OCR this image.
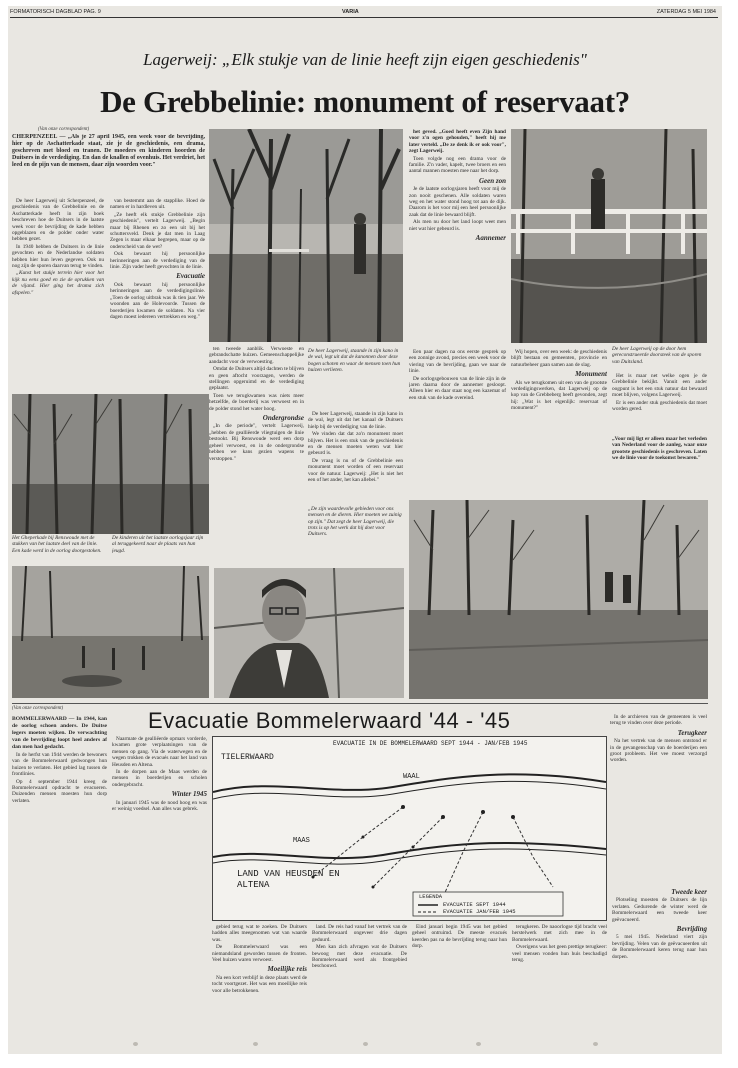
FORMATORISCH DAGBLAD PAG. 9	VARIA	ZATERDAG 5 MEI 1984
Lagerweij: „Elk stukje van de linie heeft zijn eigen geschiedenis"
De Grebbelinie: monument of reservaat?
(Van onze correspondent)
CHERPENZEEL — „Als je 27 april 1945, een week voor de bevrijding, hier op de Aschatterkade staat, zie je de geschiedenis, een drama, geschreven met bloed en tranen. De moeders en kinderen hoorden de Duitsers in de verdediging. En dan de knallen of ovenhuis. Het verdriet, het leed en de pijn van de mensen, daar zijn woorden voor."

De heer Lagerweij uit Scherpenzeel, de geschiedenis van de Grebbelinie en de Aschatterkade heeft in zijn boek beschreven hoe de Duitsers in de laatste week voor de bevrijding de kade hebben opgeblazen en de polder onder water hebben gezet.

In 1940 hebben de Duitsers in de linie gevochten en de Nederlandse soldaten hebben hier hun leven gegeven. Ook nu nog zijn de sporen daarvan terug te vinden.

„Kunst het stukje terrein hier voor het kijk nu eens goed en zie de oprukken van de vijand. Hier ging het drama zich afspelen."

van bestemmt aan de stapplike. Hoed de namen er in hardleven uit.

„Ze heeft elk stukje Grebbelinie zijn geschiedenis", vertelt Lagerweij. „Begin maar bij Rhenen en zo een uit bij het schuttersveld. Denk je dat men in Laag Zegen is maar elkaar begrepen, maar op de onderscheid van de wet?

Ook bewaart hij persoonlijke herinneringen aan de verdediging van de linie. Zijn vader heeft gevochten in de linie.

Evacuatie

Ook bewaart hij persoonlijke herinneringen aan de verdedigingslinie. „Toen de oorlog uitbrak was ik tien jaar. We woonden aan de Holevoorde. Tussen de boerderijen kwamen de soldaten. Na vier dagen moest iedereen vertrekken en weg."

ten tweede aanblik. Verwoeste en gebrandschatte huizen. Gemeenschappelijke aandacht voor de verwoesting.

Omdat de Duitsers altijd dachten te blijven en geen aftocht voorzagen, werden de stellingen opgeruimd en de verdediging geplaatst.

Toen we terugkwamen was niets meer hetzelfde, de boerderij was verwoest en in de polder stond het water hoog.

Ondergrondse

„In die periode", vertelt Lagerweij, „hebben de gealliëerde vliegtuigen de linie bestookt. Bij Renswoude werd een dorp geheel verwoest, en in de ondergrondse hebben we kans gezien wapens te verstoppen."

De heer Lagerweij, staande in zijn kano in de wal, legt uit dat de kanonnen door deze bogen schoten en waar de mensen toen hun huizen verlieten.

De heer Lagerweij, staande in zijn kano in de wal, legt uit dat het kanaal de Duitsers hielp bij de verdediging van de linie.

We vinden dat dat zo'n monument moet blijven. Het is een stuk van de geschiedenis en de mensen moeten weten wat hier gebeurd is.

De vraag is nu of de Grebbelinie een monument moet worden of een reservaat voor de natuur. Lagerweij: „Het is niet het een of het ander, het kan allebei."

Het Gheperkade bij Renswoude met de stukken van het laatste deel van de linie. Een kade werd in de oorlog doorgestoken.
De kinderen uit het laatste oorlogsjaar zijn al teruggekeerd naar de plaats van hun jeugd.

het geved. „Goed heeft even Zijn hand voor z'n ogen gehouden," heeft hij me later verteld. „De ze denk ik er ook voor", zegt Lagerweij.

Toen volgde nog een drama voor de familie. Z'n vader, kapelt, twee broers en een aantal mannen moesten mee naar het dorp.

Geen zon

Je de laatste oorlogsjaren heeft voor mij de zon nooit geschenen. Alle soldaten waren weg en het water stond hoog tot aan de dijk. Daarom is het voor mij een heel persoonlijke zaak dat de linie bewaard blijft.

Als men nu door het land loopt weet men niet wat hier gebeurd is.

Aannemer

Een paar dagen na ons eerste gesprek op een zonnige avond, precies een week voor de viering van de bevrijding, gaan we naar de linie.

De oorlogsgebouwen van de linie zijn in de jaren daarna door de aannemer gesloopt. Alleen hier en daar staat nog een kazemat of een stuk van de kade overeind.

Wij hopen, over een week: de geschiedenis blijft bestaan en gemeenten, provincie en natuurbeheer gaan samen aan de slag.

Monument

Als we terugkomen uit een van de grootste verdedigingswerken, dat Lagerweij op de kop van de Grebbeberg heeft gevonden, zegt hij: „Wat is het eigenlijk: reservaat of monument?"

De heer Lagerweij op de door hem gereconstrueerde doorsteek van de sporen van Duitsland.

Het is maar net welke ogen je de Grebbelinie bekijkt. Vanuit een ander oogpunt is het een stuk natuur dat bewaard moet blijven, volgens Lagerweij.

Er is een ander stuk geschiedenis dat moet worden gered.

„Voor mij ligt er alleen maar het verleden van Nederland voor de aanleg, waar onze grootste geschiedenis is geschreven. Laten we de linie voor de toekomst bewaren."
„De zijn waardevolle gebieden voor ons mensen en de dieren. Hier moeten we zuinig op zijn." Dat zegt de heer Lagerweij, die trots is op het werk dat hij doet voor Duitsers.
(Van onze correspondent)	Evacuatie Bommelerwaard '44 - '45

BOMMELERWAARD — In 1944, kan de oorlog schoen anders. De Duitse legers moeten wijken. De verwachting van de bevrijding loopt heel anders af dan men had gedacht.

In de herfst van 1944 werden de bewoners van de Bommelerwaard gedwongen hun huizen te verlaten. Het gebied lag tussen de frontlinies.

Op 4 september 1944 kreeg de Bommelerwaard opdracht te evacueren. Duizenden mensen moesten hun dorp verlaten.

Naarmate de gealliëerde opmars vorderde, kwamen grote verplaatsingen van de mensen op gang. Via de waterwegen en de wegen trokken de evacués naar het land van Heusden en Altena.

In de dorpen aan de Maas werden de mensen in boerderijen en scholen ondergebracht.

Winter 1945

In januari 1945 was de nood hoog en was er weinig voedsel. Aan alles was gebrek.

EVACUATIE IN DE BOMMELERWAARD SEPT 1944 - JAN/FEB 1945
TIELERWAARD
WAAL
MAAS
LAND VAN HEUSDEN EN ALTENA
LEGENDA
EVACUATIE SEPT 1944
EVACUATIE JAN/FEB 1945

gebied terug wat te zoeken. De Duitsers hadden alles meegenomen wat van waarde was.

De Bommelerwaard was een niemandsland geworden tussen de fronten. Veel huizen waren verwoest.

Moeilijke reis

Na een kort verblijf in deze plaats werd de tocht voortgezet. Het was een moeilijke reis voor alle betrokkenen.

land. De reis had vanaf het vertrek van de Bommelerwaard ongeveer drie dagen geduurd.

Men kan zich afvragen wat de Duitsers bewoog met deze evacuatie. De Bommelerwaard werd als frontgebied beschouwd.

Eind januari begin 1945 was het gebied geheel ontruimd. De meeste evacués keerden pas na de bevrijding terug naar hun dorp.

In de archieven van de gemeenten is veel terug te vinden over deze periode.

Terugkeer

Na het vertrek van de mensen ontstond er in de gevangenschap van de boerderijen een groot probleem. Het vee moest verzorgd worden.

terugkeren. De naoorlogse tijd bracht veel herstelwerk met zich mee in de Bommelerwaard.

Overigens was het geen prettige terugkeer: veel mensen vonden hun huis beschadigd terug.

Tweede keer

Plotseling moesten de Duitsers de lijn verlaten. Gedurende de winter werd de Bommelerwaard een tweede keer geëvacueerd.

Bevrijding

5 mei 1945. Nederland viert zijn bevrijding. Velen van de geëvacueerden uit de Bommelerwaard keren terug naar hun dorpen.
